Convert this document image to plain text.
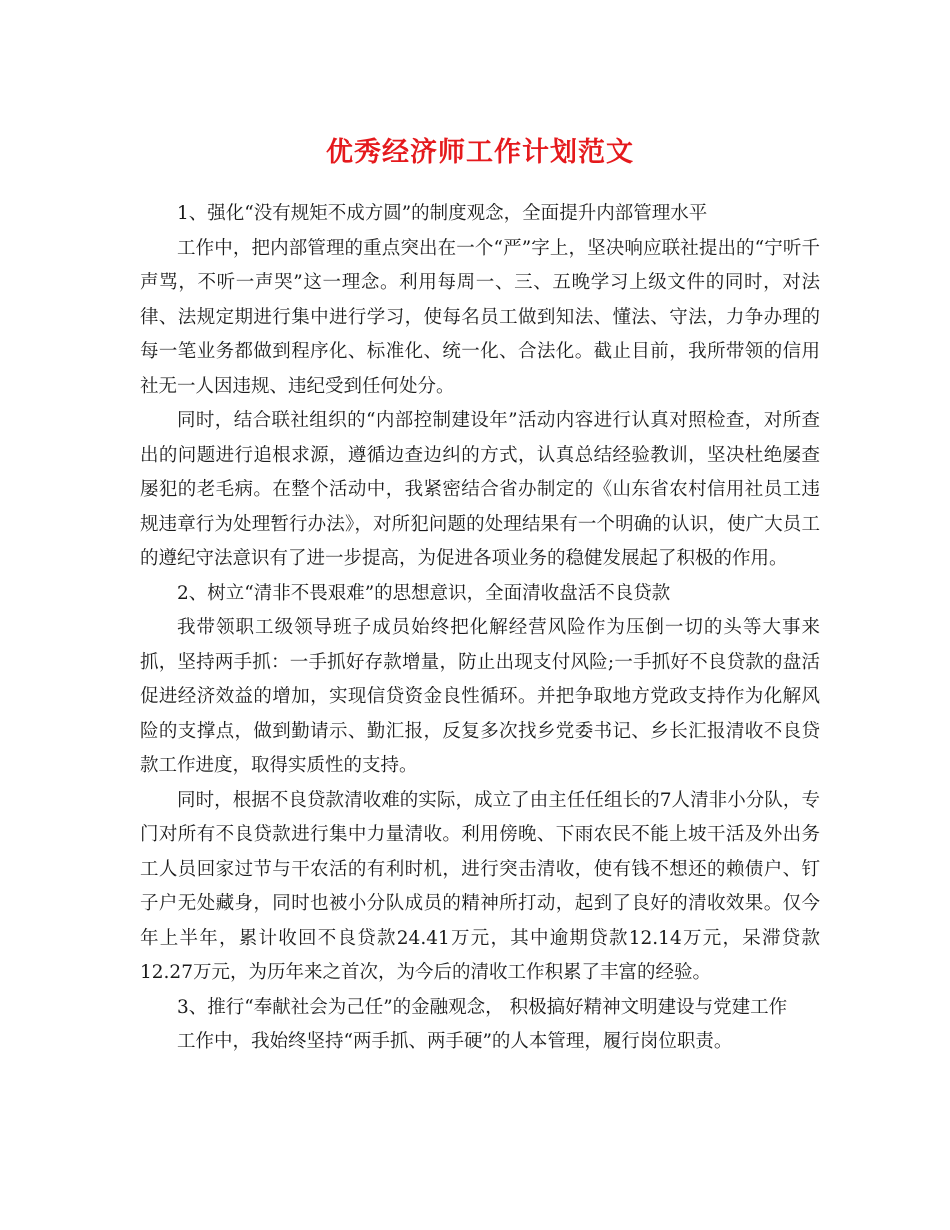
优秀经济师工作计划范文

1、强化“没有规矩不成方圆”的制度观念，全面提升内部管理水平

工作中，把内部管理的重点突出在一个“严”字上，坚决响应联社提出的“宁听千声骂，不听一声哭”这一理念。利用每周一、三、五晚学习上级文件的同时，对法律、法规定期进行集中进行学习，使每名员工做到知法、懂法、守法，力争办理的每一笔业务都做到程序化、标准化、统一化、合法化。截止目前，我所带领的信用社无一人因违规、违纪受到任何处分。

同时，结合联社组织的“内部控制建设年”活动内容进行认真对照检查，对所查出的问题进行追根求源，遵循边查边纠的方式，认真总结经验教训，坚决杜绝屡查屡犯的老毛病。在整个活动中，我紧密结合省办制定的《山东省农村信用社员工违规违章行为处理暂行办法》，对所犯问题的处理结果有一个明确的认识，使广大员工的遵纪守法意识有了进一步提高，为促进各项业务的稳健发展起了积极的作用。

2、树立“清非不畏艰难”的思想意识，全面清收盘活不良贷款

我带领职工级领导班子成员始终把化解经营风险作为压倒一切的头等大事来抓，坚持两手抓：一手抓好存款增量，防止出现支付风险;一手抓好不良贷款的盘活促进经济效益的增加，实现信贷资金良性循环。并把争取地方党政支持作为化解风险的支撑点，做到勤请示、勤汇报，反复多次找乡党委书记、乡长汇报清收不良贷款工作进度，取得实质性的支持。

同时，根据不良贷款清收难的实际，成立了由主任任组长的7人清非小分队，专门对所有不良贷款进行集中力量清收。利用傍晚、下雨农民不能上坡干活及外出务工人员回家过节与干农活的有利时机，进行突击清收，使有钱不想还的赖债户、钉子户无处藏身，同时也被小分队成员的精神所打动，起到了良好的清收效果。仅今年上半年，累计收回不良贷款24.41万元，其中逾期贷款12.14万元，呆滞贷款12.27万元，为历年来之首次，为今后的清收工作积累了丰富的经验。

3、推行“奉献社会为己任”的金融观念， 积极搞好精神文明建设与党建工作

工作中，我始终坚持“两手抓、两手硬”的人本管理，履行岗位职责。
